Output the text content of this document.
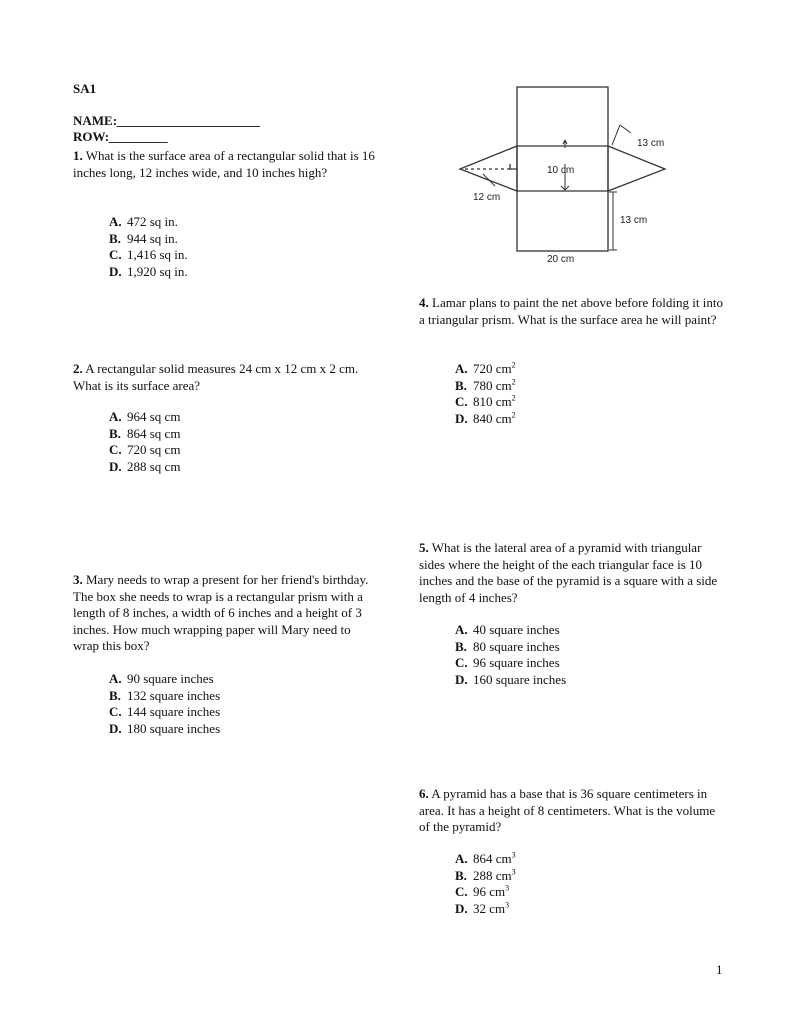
SA1
NAME:______________________
ROW:_________
1. What is the surface area of a rectangular solid that is 16 inches long, 12 inches wide, and 10 inches high?
A. 472 sq in.
B. 944 sq in.
C. 1,416 sq in.
D. 1,920 sq in.
2. A rectangular solid measures 24 cm x 12 cm x 2 cm. What is its surface area?
A. 964 sq cm
B. 864 sq cm
C. 720 sq cm
D. 288 sq cm
3. Mary needs to wrap a present for her friend's birthday. The box she needs to wrap is a rectangular prism with a length of 8 inches, a width of 6 inches and a height of 3 inches. How much wrapping paper will Mary need to wrap this box?
A. 90 square inches
B. 132 square inches
C. 144 square inches
D. 180 square inches
13 cm
10 cm
12 cm
13 cm
20 cm
4. Lamar plans to paint the net above before folding it into a triangular prism. What is the surface area he will paint?
A. 720 $cm^2$
B. 780 $cm^2$
C. 810 $cm^2$
D. 840 $cm^2$
5. What is the lateral area of a pyramid with triangular sides where the height of the each triangular face is 10 inches and the base of the pyramid is a square with a side length of 4 inches?
A. 40 square inches
B. 80 square inches
C. 96 square inches
D. 160 square inches
6. A pyramid has a base that is 36 square centimeters in area. It has a height of 8 centimeters. What is the volume of the pyramid?
A. 864 $cm^3$
B. 288 $cm^3$
C. 96 $cm^3$
D. 32 $cm^3$
1
